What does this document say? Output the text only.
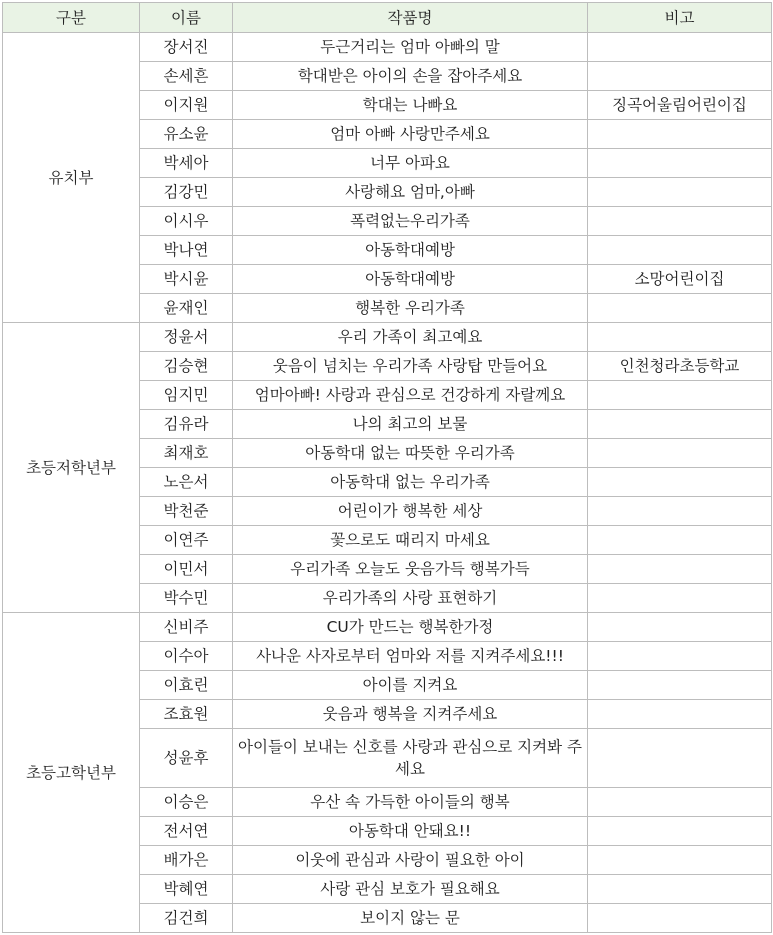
구분	이름	작품명	비고
유치부	장서진	두근거리는 엄마 아빠의 말	
	손세흔	학대받은 아이의 손을 잡아주세요	
	이지원	학대는 나빠요	징곡어울림어린이집
	유소윤	엄마 아빠 사랑만주세요	
	박세아	너무 아파요	
	김강민	사랑해요 엄마,아빠	
	이시우	폭력없는우리가족	
	박나연	아동학대예방	
	박시윤	아동학대예방	소망어린이집
	윤재인	행복한 우리가족	
초등저학년부	정윤서	우리 가족이 최고예요	
	김승현	웃음이 넘치는 우리가족 사랑탑 만들어요	인천청라초등학교
	임지민	엄마아빠! 사랑과 관심으로 건강하게 자랄께요	
	김유라	나의 최고의 보물	
	최재호	아동학대 없는 따뜻한 우리가족	
	노은서	아동학대 없는 우리가족	
	박천준	어린이가 행복한 세상	
	이연주	꽃으로도 때리지 마세요	
	이민서	우리가족 오늘도 웃음가득 행복가득	
	박수민	우리가족의 사랑 표현하기	
초등고학년부	신비주	CU가 만드는 행복한가정	
	이수아	사나운 사자로부터 엄마와 저를 지켜주세요!!!	
	이효린	아이를 지켜요	
	조효원	웃음과 행복을 지켜주세요	
	성윤후	아이들이 보내는 신호를 사랑과 관심으로 지켜봐 주세요	
	이승은	우산 속 가득한 아이들의 행복	
	전서연	아동학대 안돼요!!	
	배가은	이웃에 관심과 사랑이 필요한 아이	
	박혜연	사랑 관심 보호가 필요해요	
	김건희	보이지 않는 문	
